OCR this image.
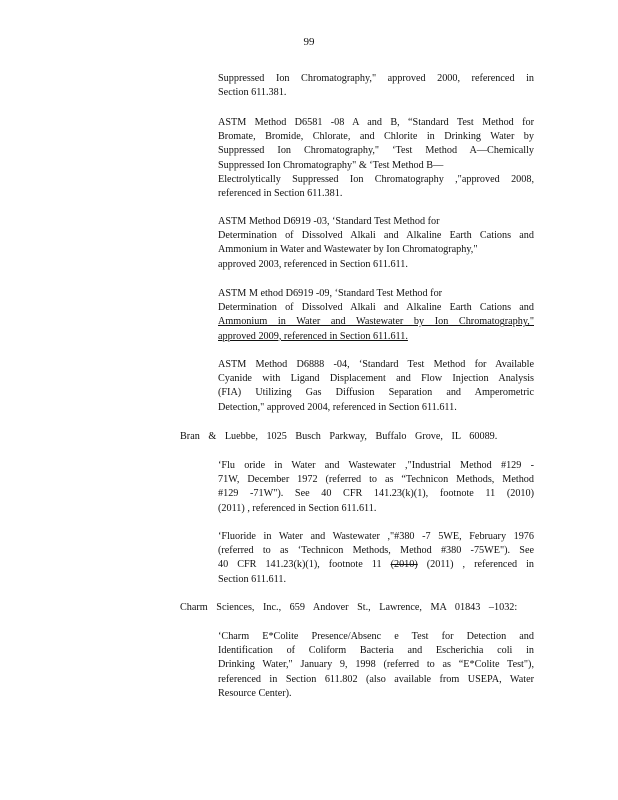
99

Suppressed Ion Chromatography," approved 2000, referenced in

Section 611.381.

ASTM Method D6581 -08 A and B, “Standard Test Method for

Bromate, Bromide, Chlorate, and Chlorite in Drinking Water by

Suppressed Ion Chromatography," ‘Test Method A—Chemically

Suppressed Ion Chromatography" & ‘Test Method B—

Electrolytically Suppressed Ion Chromatography ,"approved 2008,

referenced in Section 611.381.

ASTM Method D6919 -03, ‘Standard Test Method for

Determination of Dissolved Alkali and Alkaline Earth Cations and

Ammonium in Water and Wastewater by Ion Chromatography,"

approved 2003, referenced in Section 611.611.

ASTM M ethod D6919 -09, ‘Standard Test Method for

Determination of Dissolved Alkali and Alkaline Earth Cations and

Ammonium in Water and Wastewater by Ion Chromatography,"

approved 2009, referenced in Section 611.611.

ASTM Method D6888 -04, ‘Standard Test Method for Available

Cyanide with Ligand Displacement and Flow Injection Analysis

(FIA) Utilizing Gas Diffusion Separation and Amperometric

Detection," approved 2004, referenced in Section 611.611.

Bran & Luebbe, 1025 Busch Parkway, Buffalo Grove, IL 60089.

‘Flu oride in Water and Wastewater ,"Industrial Method #129 -

71W, December 1972 (referred to as “Technicon Methods, Method

#129 -71W"). See 40 CFR 141.23(k)(1), footnote 11 (2010)

(2011) , referenced in Section 611.611.

‘Fluoride in Water and Wastewater ,"#380 -7 5WE, February 1976

(referred to as ‘Technicon Methods, Method #380 -75WE"). See

40 CFR 141.23(k)(1), footnote 11 (2010) (2011) , referenced in

Section 611.611.

Charm Sciences, Inc., 659 Andover St., Lawrence, MA 01843 –1032:

‘Charm E*Colite Presence/Absenc e Test for Detection and

Identification of Coliform Bacteria and Escherichia coli in

Drinking Water," January 9, 1998 (referred to as “E*Colite Test"),

referenced in Section 611.802 (also available from USEPA, Water

Resource Center).
